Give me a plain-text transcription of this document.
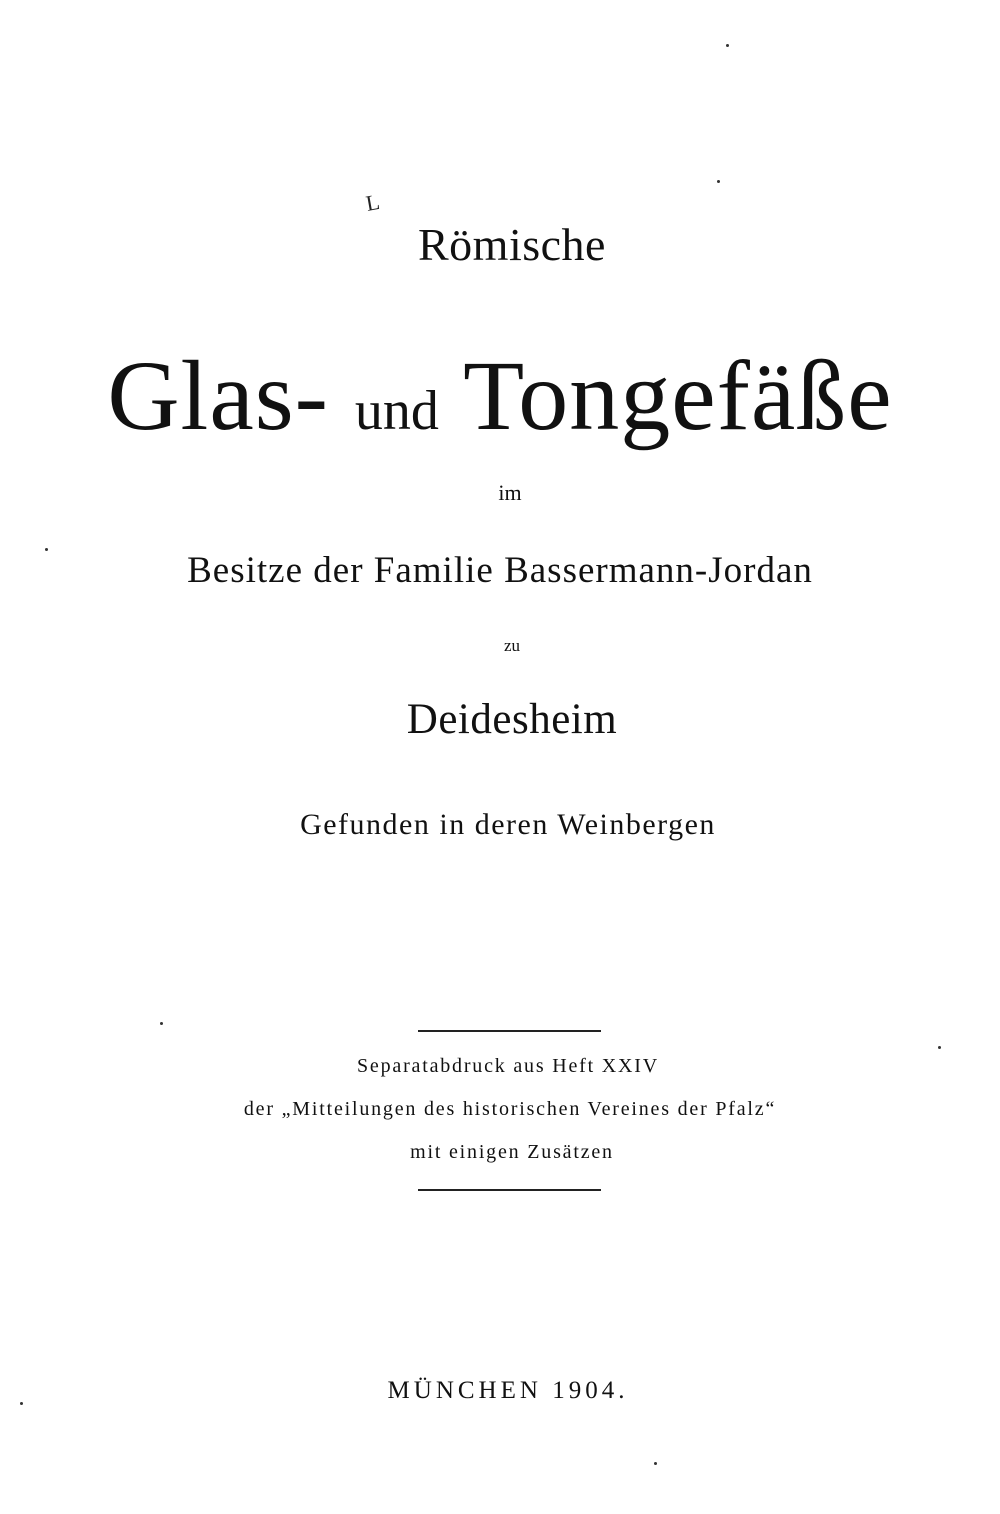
L
Römische
Glas- und Tongefäße
im
Besitze der Familie Bassermann-Jordan
zu
Deidesheim
Gefunden in deren Weinbergen
Separatabdruck aus Heft XXIV
der „Mitteilungen des historischen Vereines der Pfalz“
mit einigen Zusätzen
MÜNCHEN 1904.
